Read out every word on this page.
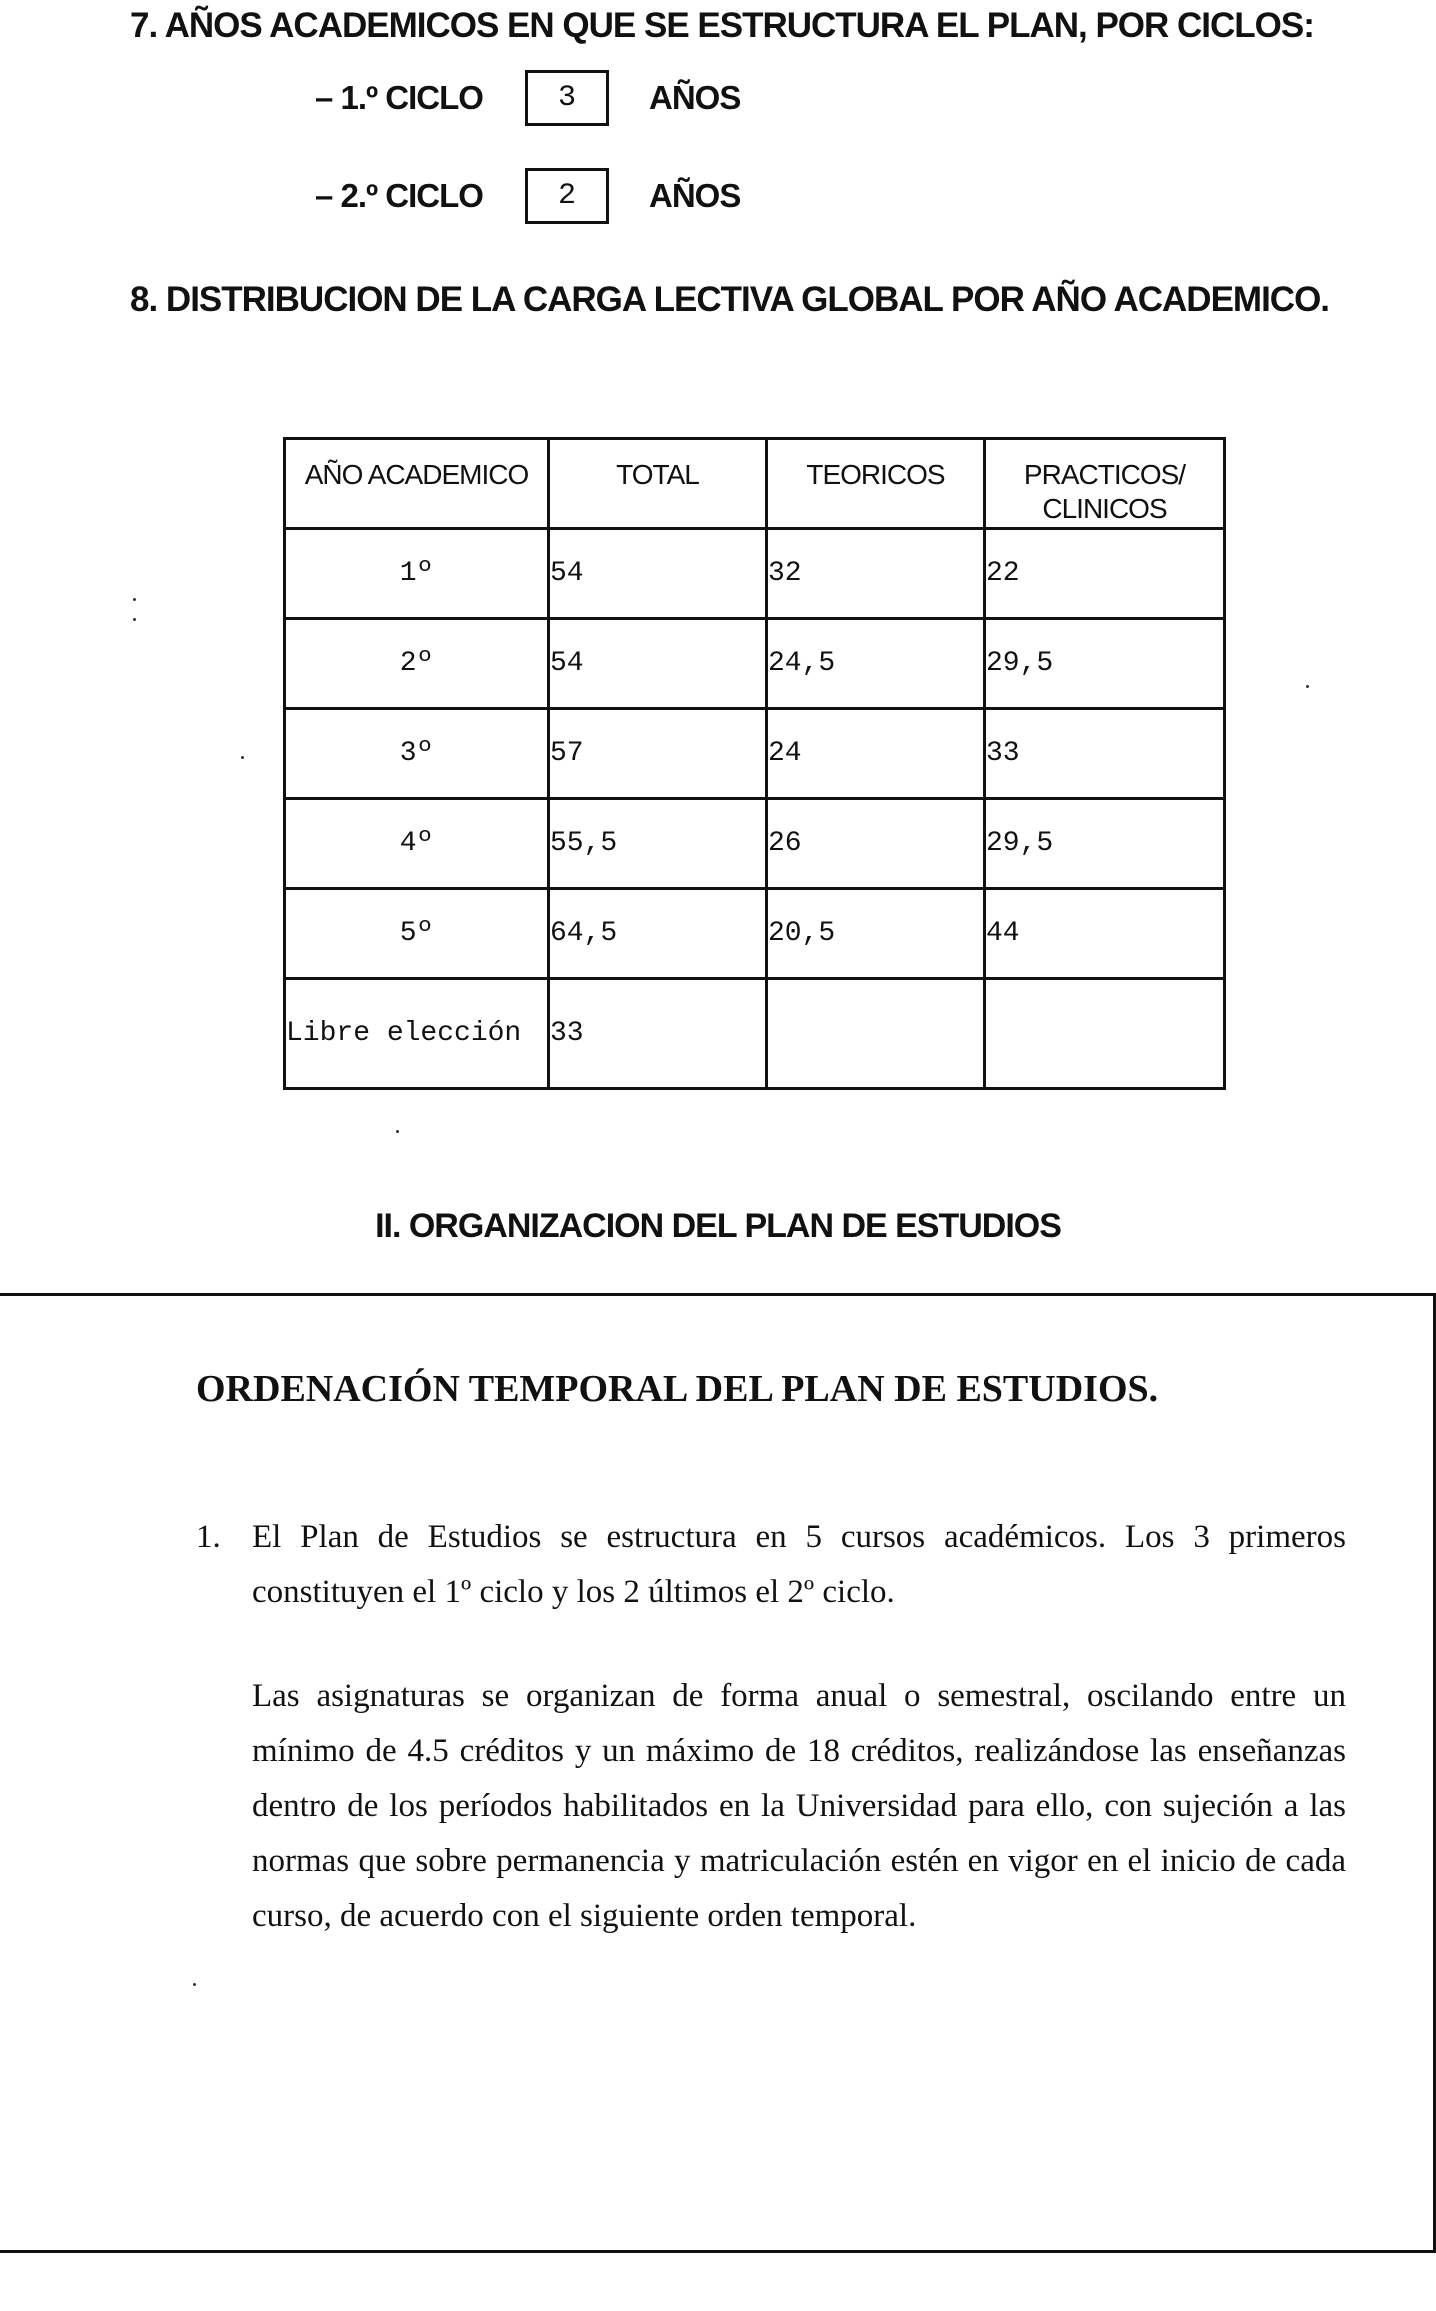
7. AÑOS ACADEMICOS EN QUE SE ESTRUCTURA EL PLAN, POR CICLOS:
– 1.º CICLO	3	AÑOS
– 2.º CICLO	2	AÑOS
8. DISTRIBUCION DE LA CARGA LECTIVA GLOBAL POR AÑO ACADEMICO.
AÑO ACADEMICO	TOTAL	TEORICOS	PRACTICOS/ CLINICOS
1º	54	32	22
2º	54	24,5	29,5
3º	57	24	33
4º	55,5	26	29,5
5º	64,5	20,5	44
Libre elección	33		
II. ORGANIZACION DEL PLAN DE ESTUDIOS
ORDENACIÓN TEMPORAL DEL PLAN DE ESTUDIOS.
1. El Plan de Estudios se estructura en 5 cursos académicos. Los 3 primeros constituyen el 1º ciclo y los 2 últimos el 2º ciclo.
Las asignaturas se organizan de forma anual o semestral, oscilando entre un mínimo de 4.5 créditos y un máximo de 18 créditos, realizándose las enseñanzas dentro de los períodos habilitados en la Universidad para ello, con sujeción a las normas que sobre permanencia y matriculación estén en vigor en el inicio de cada curso, de acuerdo con el siguiente orden temporal.
